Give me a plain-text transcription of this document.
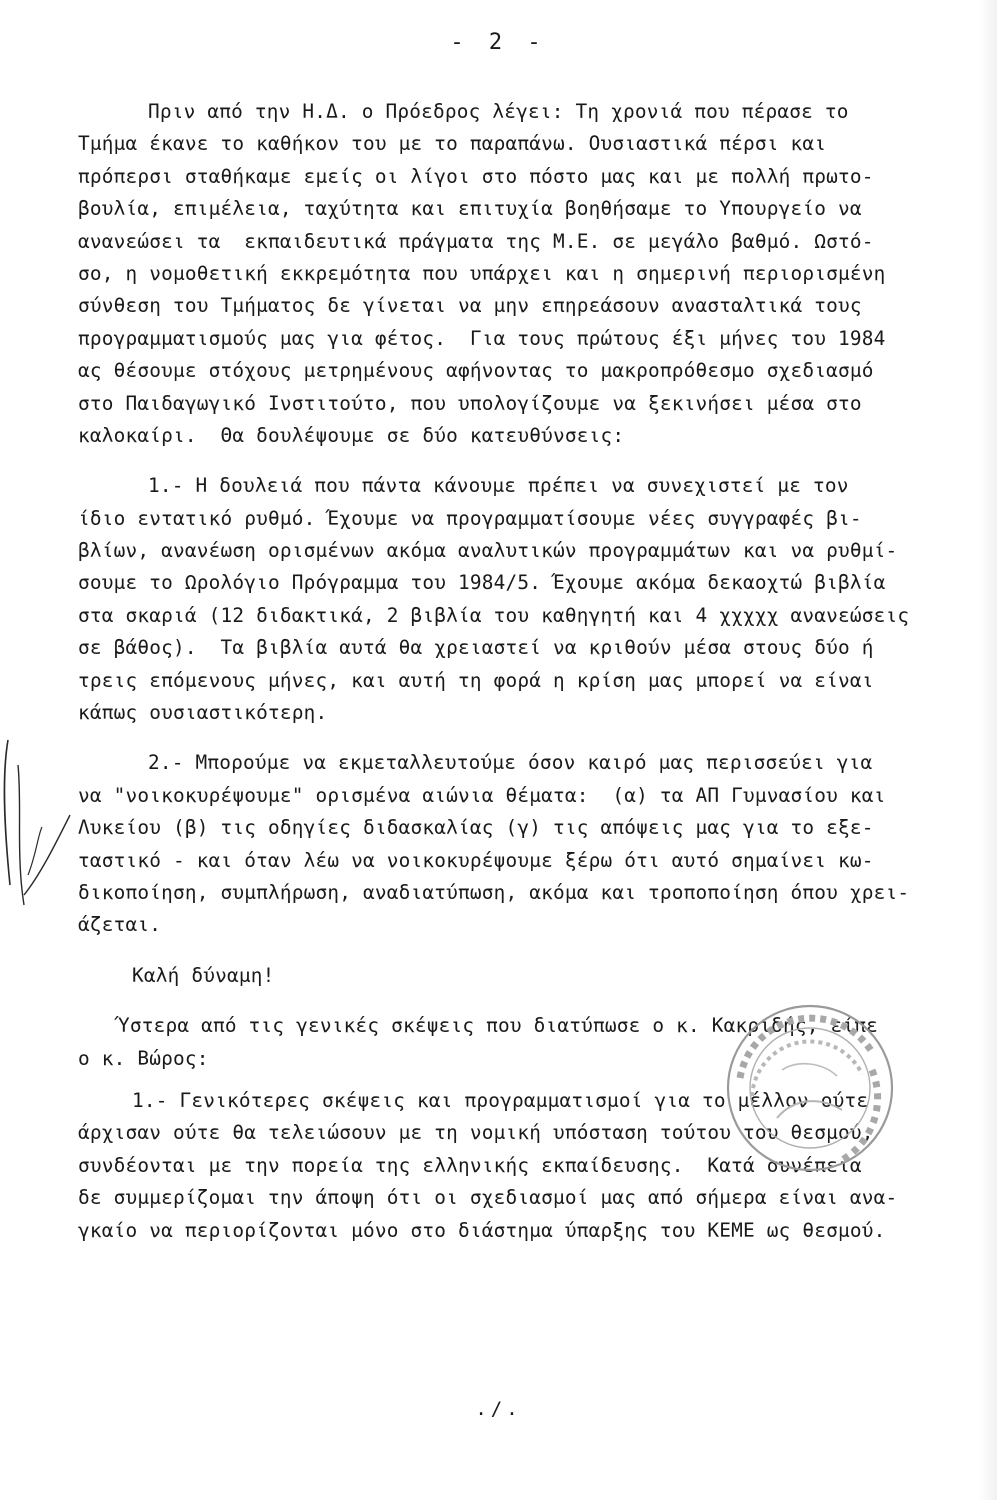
- 2 -
Πριν από την Η.Δ. ο Πρόεδρος λέγει: Τη χρονιά που πέρασε το
Τμήμα έκανε το καθήκον του με το παραπάνω. Ουσιαστικά πέρσι και
πρόπερσι σταθήκαμε εμείς οι λίγοι στο πόστο μας και με πολλή πρωτο-
βουλία, επιμέλεια, ταχύτητα και επιτυχία βοηθήσαμε το Υπουργείο να
ανανεώσει τα  εκπαιδευτικά πράγματα της Μ.Ε. σε μεγάλο βαθμό. Ωστό-
σο, η νομοθετική εκκρεμότητα που υπάρχει και η σημερινή περιορισμένη
σύνθεση του Τμήματος δε γίνεται να μην επηρεάσουν ανασταλτικά τους
προγραμματισμούς μας για φέτος.  Για τους πρώτους έξι μήνες του 1984
ας θέσουμε στόχους μετρημένους αφήνοντας το μακροπρόθεσμο σχεδιασμό
στο Παιδαγωγικό Ινστιτούτο, που υπολογίζουμε να ξεκινήσει μέσα στο
καλοκαίρι.  Θα δουλέψουμε σε δύο κατευθύνσεις:
1.- Η δουλειά που πάντα κάνουμε πρέπει να συνεχιστεί με τον
ίδιο εντατικό ρυθμό. Έχουμε να προγραμματίσουμε νέες συγγραφές βι-
βλίων, ανανέωση ορισμένων ακόμα αναλυτικών προγραμμάτων και να ρυθμί-
σουμε το Ωρολόγιο Πρόγραμμα του 1984/5. Έχουμε ακόμα δεκαοχτώ βιβλία
στα σκαριά (12 διδακτικά, 2 βιβλία του καθηγητή και 4 χχχχχ ανανεώσεις
σε βάθος).  Τα βιβλία αυτά θα χρειαστεί να κριθούν μέσα στους δύο ή
τρεις επόμενους μήνες, και αυτή τη φορά η κρίση μας μπορεί να είναι
κάπως ουσιαστικότερη.
2.- Μπορούμε να εκμεταλλευτούμε όσον καιρό μας περισσεύει για
να "νοικοκυρέψουμε" ορισμένα αιώνια θέματα:  (α) τα ΑΠ Γυμνασίου και
Λυκείου (β) τις οδηγίες διδασκαλίας (γ) τις απόψεις μας για το εξε-
ταστικό - και όταν λέω να νοικοκυρέψουμε ξέρω ότι αυτό σημαίνει κω-
δικοποίηση, συμπλήρωση, αναδιατύπωση, ακόμα και τροποποίηση όπου χρει-
άζεται.
Καλή δύναμη!
Ύστερα από τις γενικές σκέψεις που διατύπωσε ο κ. Κακριδής, είπε
ο κ. Βώρος:
1.- Γενικότερες σκέψεις και προγραμματισμοί για το μέλλον ούτε
άρχισαν ούτε θα τελειώσουν με τη νομική υπόσταση τούτου του θεσμού,
συνδέονται με την πορεία της ελληνικής εκπαίδευσης.  Κατά συνέπεια
δε συμμερίζομαι την άποψη ότι οι σχεδιασμοί μας από σήμερα είναι ανα-
γκαίο να περιορίζονται μόνο στο διάστημα ύπαρξης του ΚΕΜΕ ως θεσμού.
./.
